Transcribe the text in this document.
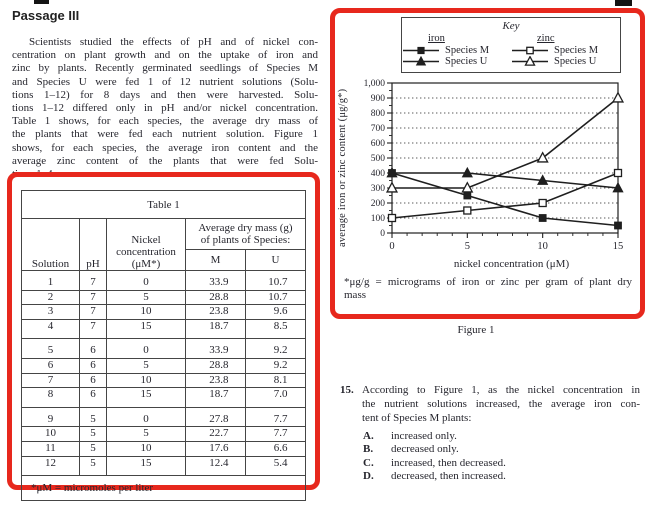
Passage III
Scientists studied the effects of pH and of nickel con-
centration on plant growth and on the uptake of iron and
zinc by plants. Recently germinated seedlings of Species M
and Species U were fed 1 of 12 nutrient solutions (Solu-
tions 1–12) for 8 days and then were harvested. Solu-
tions 1–12 differed only in pH and/or nickel concentration.
Table 1 shows, for each species, the average dry mass of
the plants that were fed each nutrient solution. Figure 1
shows, for each species, the average iron content and the
average zinc content of the plants that were fed Solu-
tions 1–4.
Table 1				
Solution	pH	Nickel
concentration
(μM*)	Average dry mass (g)
of plants of Species:	
			M	U
1	7	0	33.9	10.7
2	7	5	28.8	10.7
3	7	10	23.8	9.6
4	7	15	18.7	8.5
5	6	0	33.9	9.2
6	6	5	28.8	9.2
7	6	10	23.8	8.1
8	6	15	18.7	7.0
9	5	0	27.8	7.7
10	5	5	22.7	7.7
11	5	10	17.6	6.6
12	5	15	12.4	5.4
*μM = micromoles per liter				
Key
iron
Species M
Species U
zinc
Species M
Species U
average iron or zinc content (μg/g*)	0
100
200
300
400
500
600
700
800
900
1,000
0	5	10	15
nickel concentration (μM)
*μg/g = micrograms of iron or zinc per gram of plant dry
mass
Figure 1
15. According to Figure 1, as the nickel concentration in
the nutrient solutions increased, the average iron con-
tent of Species M plants:
A.	increased only.
B.	decreased only.
C.	increased, then decreased.
D.	decreased, then increased.
